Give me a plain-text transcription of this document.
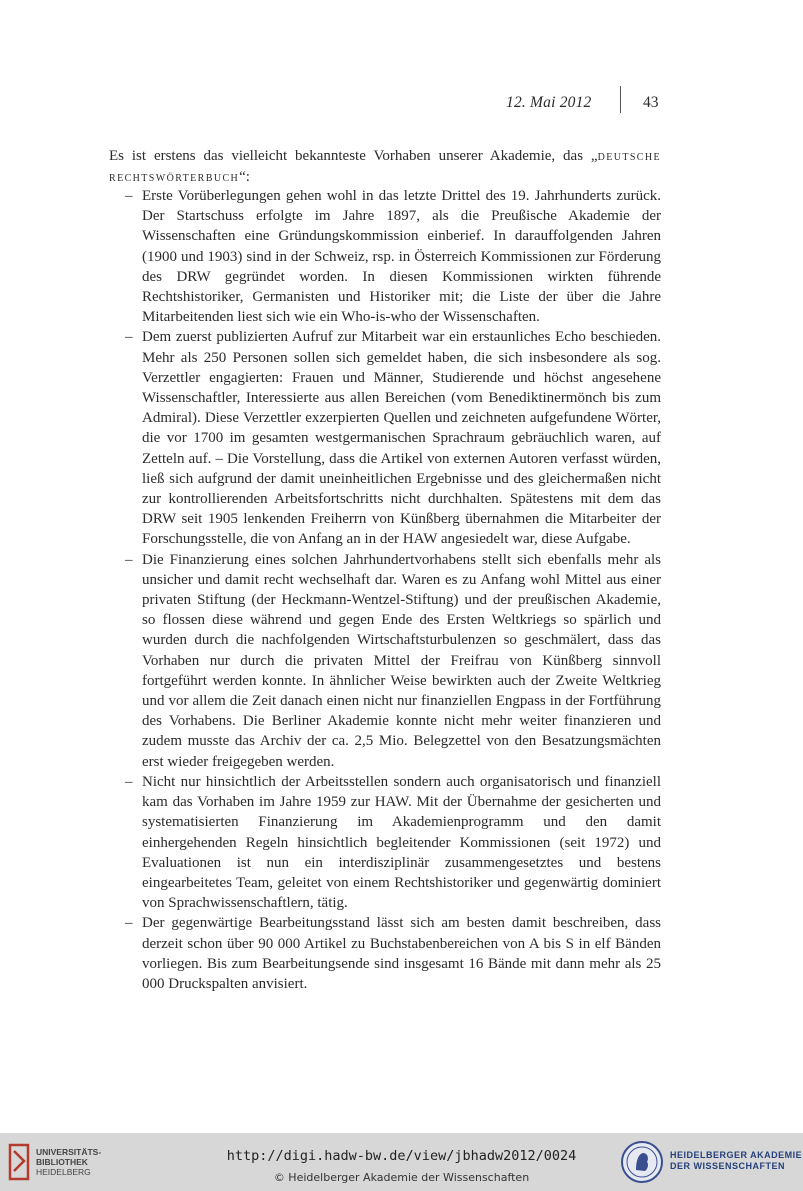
12. Mai 2012	43

Es ist erstens das vielleicht bekannteste Vorhaben unserer Akademie, das „deutsche rechtswörterbuch“:

– Erste Vorüberlegungen gehen wohl in das letzte Drittel des 19. Jahrhunderts zurück. Der Startschuss erfolgte im Jahre 1897, als die Preußische Akademie der Wissenschaften eine Gründungskommission einberief. In darauffolgenden Jahren (1900 und 1903) sind in der Schweiz, rsp. in Österreich Kommissionen zur Förderung des DRW gegründet worden. In diesen Kommissionen wirkten führende Rechtshistoriker, Germanisten und Historiker mit; die Liste der über die Jahre Mitarbeitenden liest sich wie ein Who-is-who der Wissenschaften.
– Dem zuerst publizierten Aufruf zur Mitarbeit war ein erstaunliches Echo beschieden. Mehr als 250 Personen sollen sich gemeldet haben, die sich insbesondere als sog. Verzettler engagierten: Frauen und Männer, Studierende und höchst angesehene Wissenschaftler, Interessierte aus allen Bereichen (vom Benediktinermönch bis zum Admiral). Diese Verzettler exzerpierten Quellen und zeichneten aufgefundene Wörter, die vor 1700 im gesamten westgermanischen Sprachraum gebräuchlich waren, auf Zetteln auf. – Die Vorstellung, dass die Artikel von externen Autoren verfasst würden, ließ sich aufgrund der damit uneinheitlichen Ergebnisse und des gleichermaßen nicht zur kontrollierenden Arbeitsfortschritts nicht durchhalten. Spätestens mit dem das DRW seit 1905 lenkenden Freiherrn von Künßberg übernahmen die Mitarbeiter der Forschungsstelle, die von Anfang an in der HAW angesiedelt war, diese Aufgabe.
– Die Finanzierung eines solchen Jahrhundertvorhabens stellt sich ebenfalls mehr als unsicher und damit recht wechselhaft dar. Waren es zu Anfang wohl Mittel aus einer privaten Stiftung (der Heckmann-Wentzel-Stiftung) und der preußischen Akademie, so flossen diese während und gegen Ende des Ersten Weltkriegs so spärlich und wurden durch die nachfolgenden Wirtschaftsturbulenzen so geschmälert, dass das Vorhaben nur durch die privaten Mittel der Freifrau von Künßberg sinnvoll fortgeführt werden konnte. In ähnlicher Weise bewirkten auch der Zweite Weltkrieg und vor allem die Zeit danach einen nicht nur finanziellen Engpass in der Fortführung des Vorhabens. Die Berliner Akademie konnte nicht mehr weiter finanzieren und zudem musste das Archiv der ca. 2,5 Mio. Belegzettel von den Besatzungsmächten erst wieder freigegeben werden.
– Nicht nur hinsichtlich der Arbeitsstellen sondern auch organisatorisch und finanziell kam das Vorhaben im Jahre 1959 zur HAW. Mit der Übernahme der gesicherten und systematisierten Finanzierung im Akademienprogramm und den damit einhergehenden Regeln hinsichtlich begleitender Kommissionen (seit 1972) und Evaluationen ist nun ein interdisziplinär zusammengesetztes und bestens eingearbeitetes Team, geleitet von einem Rechtshistoriker und gegenwärtig dominiert von Sprachwissenschaftlern, tätig.
– Der gegenwärtige Bearbeitungsstand lässt sich am besten damit beschreiben, dass derzeit schon über 90 000 Artikel zu Buchstabenbereichen von A bis S in elf Bänden vorliegen. Bis zum Bearbeitungsende sind insgesamt 16 Bände mit dann mehr als 25 000 Druckspalten anvisiert.
UNIVERSITÄTS-
BIBLIOTHEK
HEIDELBERG
http://digi.hadw-bw.de/view/jbhadw2012/0024
© Heidelberger Akademie der Wissenschaften
HEIDELBERGER AKADEMIE
DER WISSENSCHAFTEN
